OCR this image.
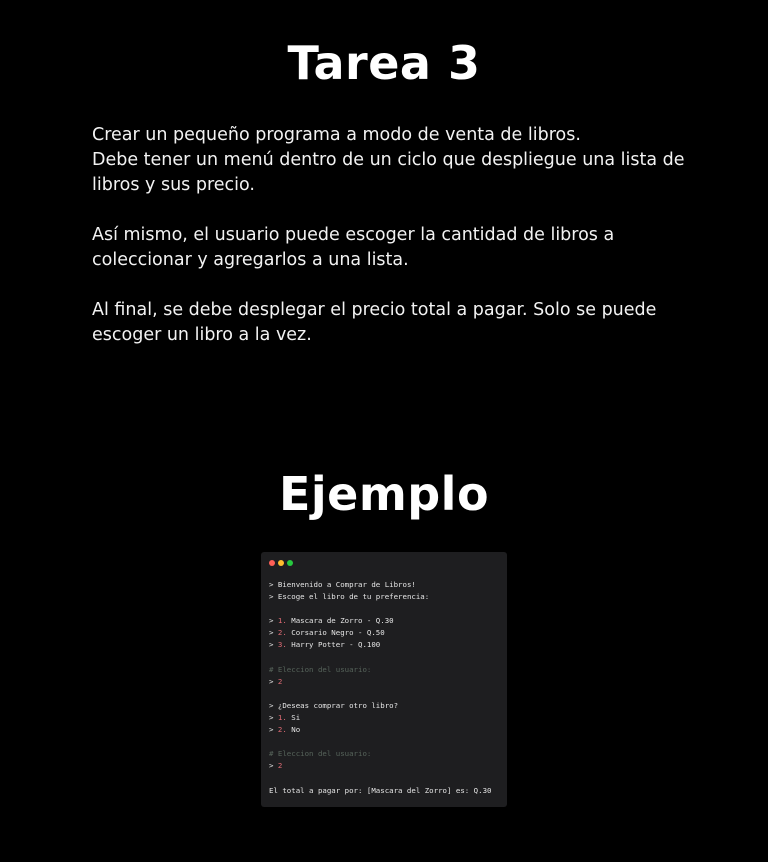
Tarea 3

Crear un pequeño programa a modo de venta de libros.

Debe tener un menú dentro de un ciclo que despliegue una lista de libros y sus precio.

Así mismo, el usuario puede escoger la cantidad de libros a coleccionar y agregarlos a una lista.

Al final, se debe desplegar el precio total a pagar. Solo se puede escoger un libro a la vez.

Ejemplo
> Bienvenido a Comprar de Libros!
> Escoge el libro de tu preferencia:
> 1. Mascara de Zorro - Q.30
> 2. Corsario Negro - Q.50
> 3. Harry Potter - Q.100
# Eleccion del usuario:
> 2
> ¿Deseas comprar otro libro?
> 1. Si
> 2. No
# Eleccion del usuario:
> 2
El total a pagar por: [Mascara del Zorro] es: Q.30
